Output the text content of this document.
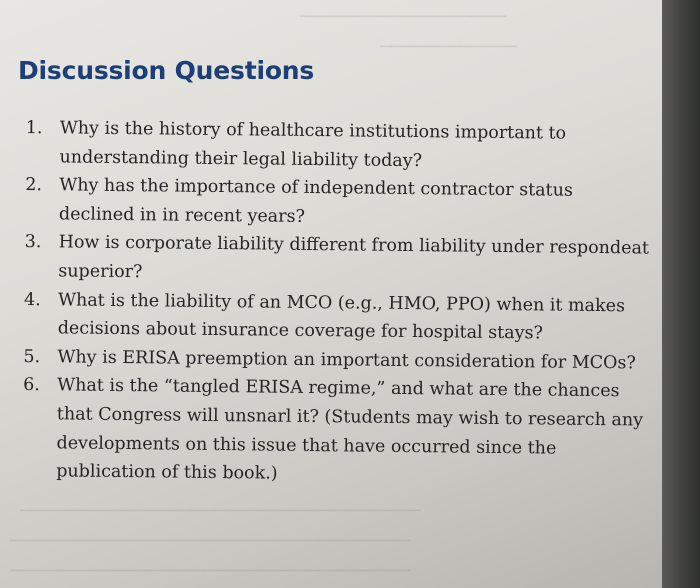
──────────────────
────────────
───────────────────────────────────
───────────────────────────────────
───────────────────────────────────
Discussion Questions
1. Why is the history of healthcare institutions important to understanding their legal liability today?
2. Why has the importance of independent contractor status declined in in recent years?
3. How is corporate liability different from liability under respondeat superior?
4. What is the liability of an MCO (e.g., HMO, PPO) when it makes decisions about insurance coverage for hospital stays?
5. Why is ERISA preemption an important consideration for MCOs?
6. What is the “tangled ERISA regime,” and what are the chances that Congress will unsnarl it? (Students may wish to research any developments on this issue that have occurred since the publication of this book.)
